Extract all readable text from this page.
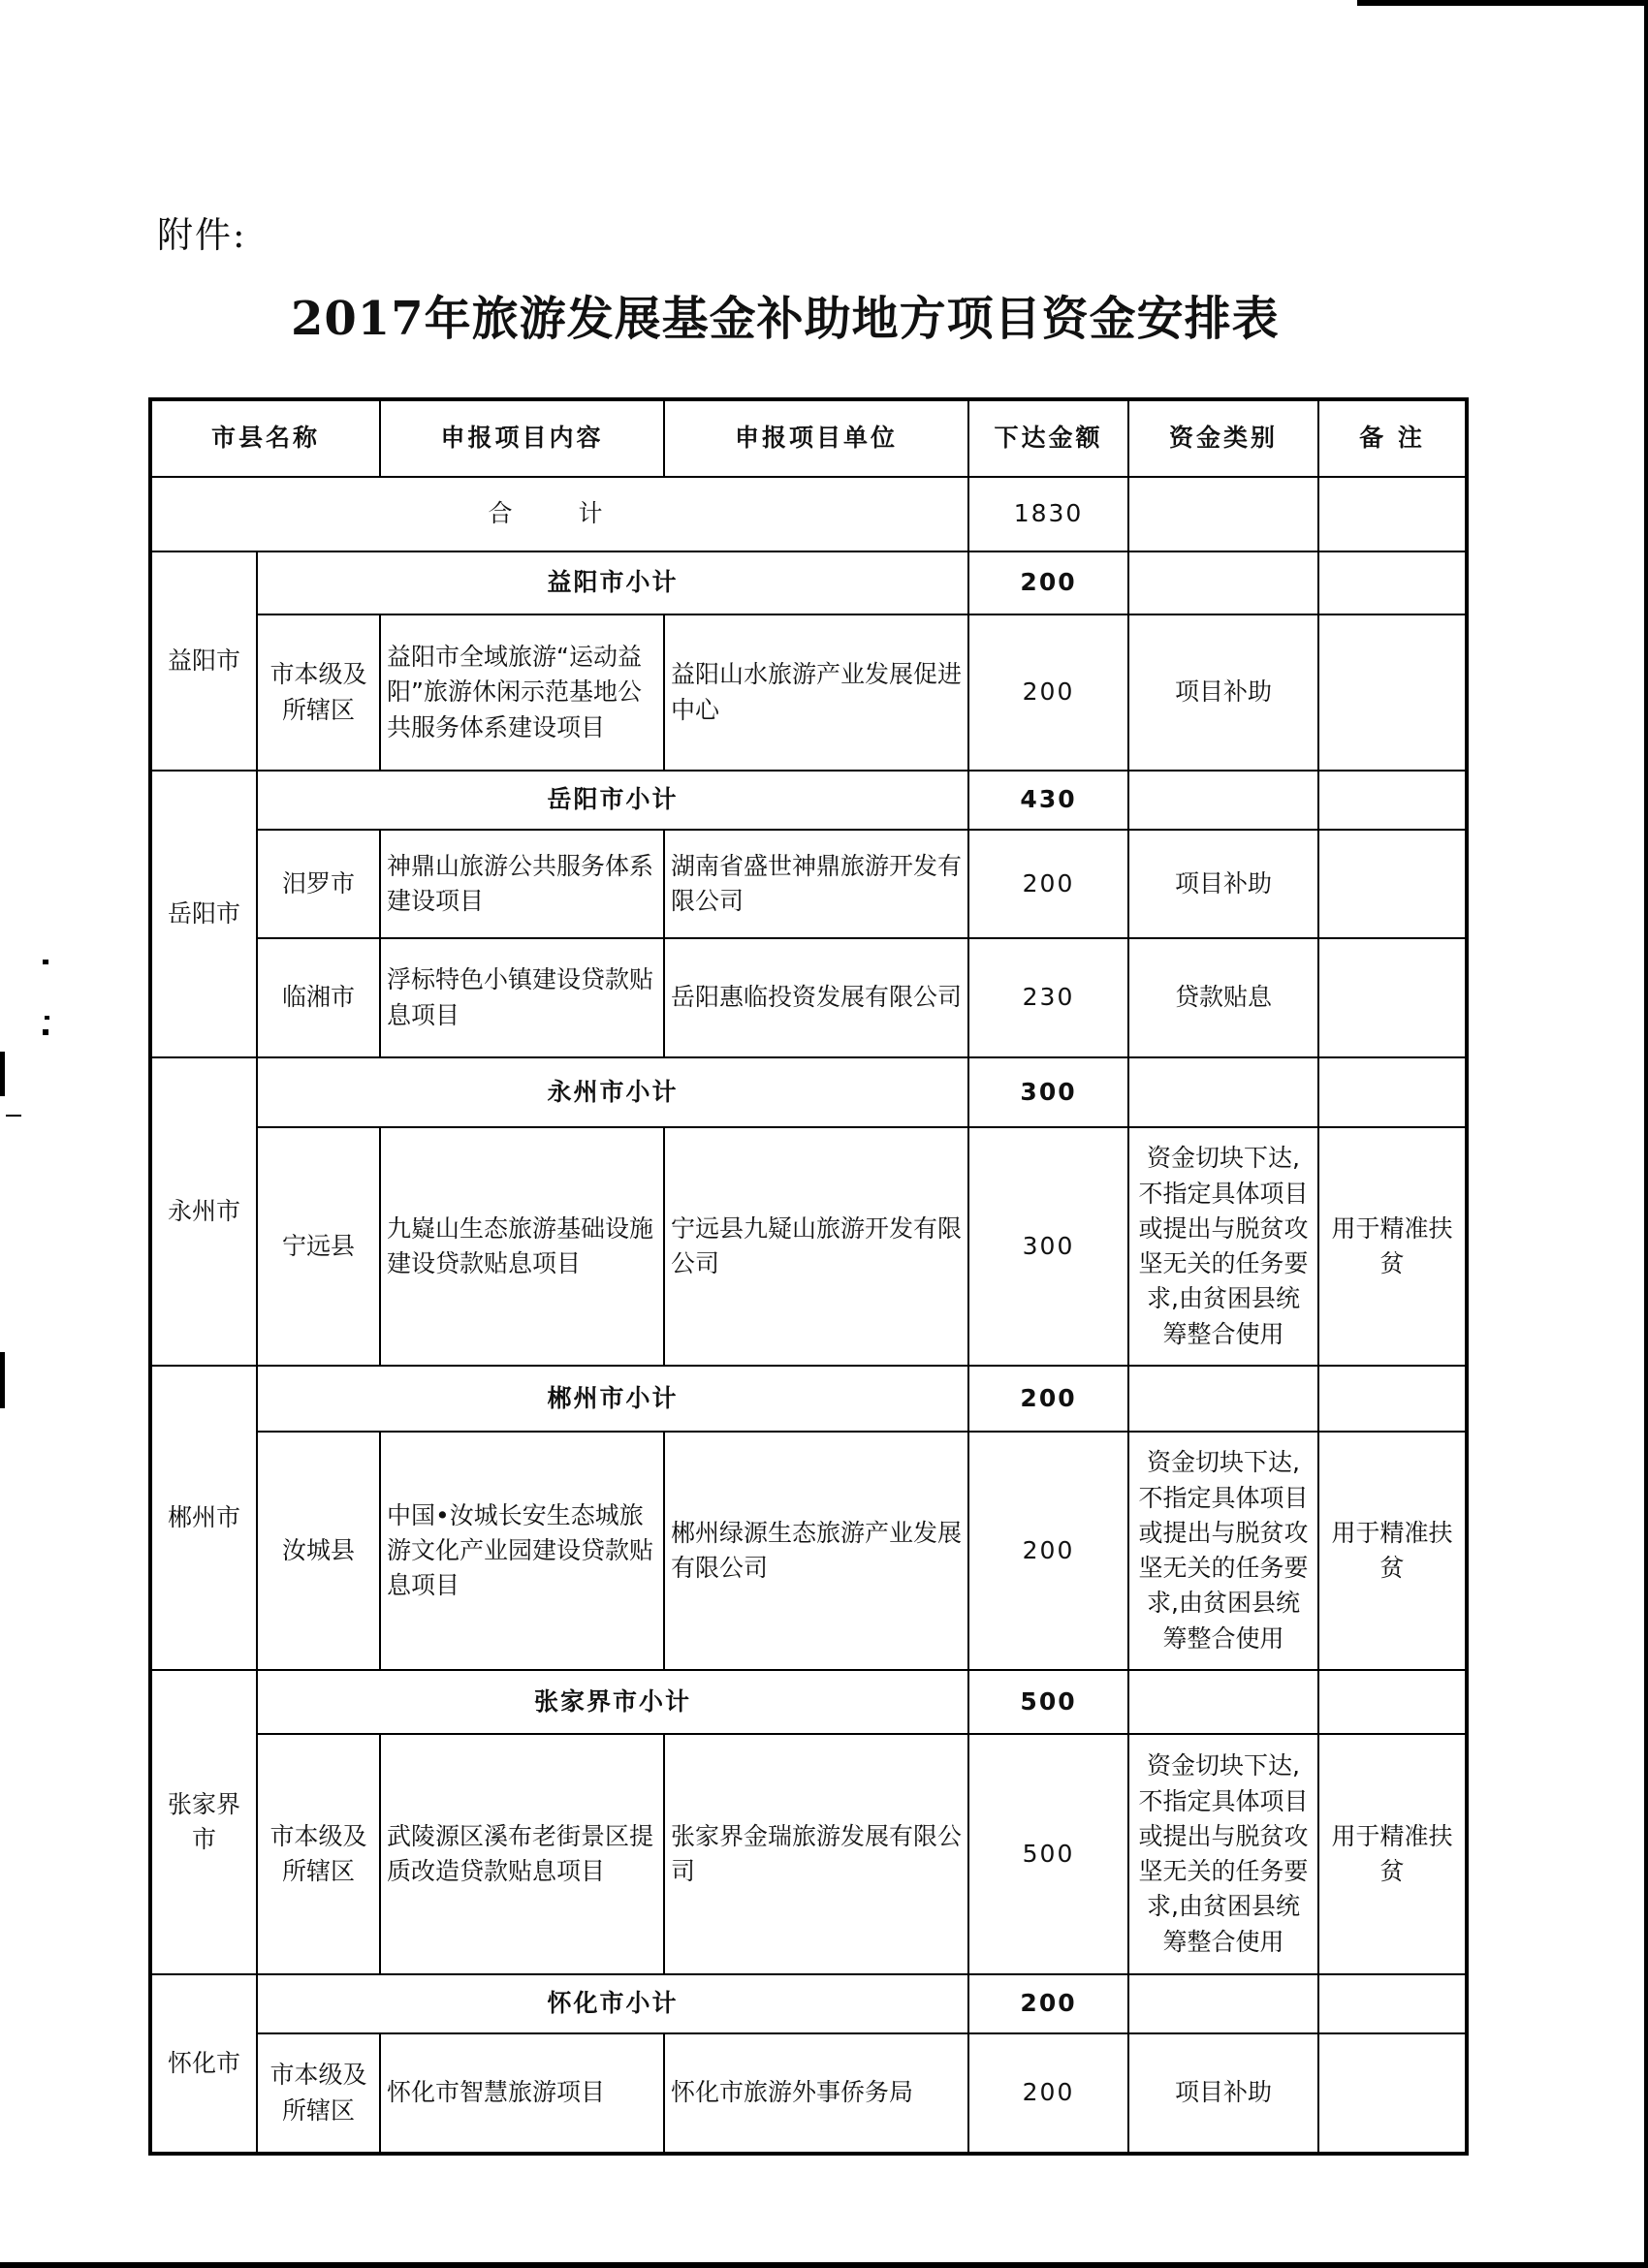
附件:
2017年旅游发展基金补助地方项目资金安排表
市县名称		申报项目内容	申报项目单位	下达金额	资金类别	备 注
合 计				1830		
益阳市	益阳市小计			200		
	市本级及所辖区	益阳市全域旅游“运动益阳”旅游休闲示范基地公共服务体系建设项目	益阳山水旅游产业发展促进中心	200	项目补助	
岳阳市	岳阳市小计			430		
	汨罗市	神鼎山旅游公共服务体系建设项目	湖南省盛世神鼎旅游开发有限公司	200	项目补助	
	临湘市	浮标特色小镇建设贷款贴息项目	岳阳惠临投资发展有限公司	230	贷款贴息	
永州市	永州市小计			300		
	宁远县	九嶷山生态旅游基础设施建设贷款贴息项目	宁远县九疑山旅游开发有限公司	300	资金切块下达,不指定具体项目或提出与脱贫攻坚无关的任务要求,由贫困县统筹整合使用	用于精准扶贫
郴州市	郴州市小计			200		
	汝城县	中国•汝城长安生态城旅游文化产业园建设贷款贴息项目	郴州绿源生态旅游产业发展有限公司	200	资金切块下达,不指定具体项目或提出与脱贫攻坚无关的任务要求,由贫困县统筹整合使用	用于精准扶贫
张家界市	张家界市小计			500		
	市本级及所辖区	武陵源区溪布老街景区提质改造贷款贴息项目	张家界金瑞旅游发展有限公司	500	资金切块下达,不指定具体项目或提出与脱贫攻坚无关的任务要求,由贫困县统筹整合使用	用于精准扶贫
怀化市	怀化市小计			200		
	市本级及所辖区	怀化市智慧旅游项目	怀化市旅游外事侨务局	200	项目补助	
